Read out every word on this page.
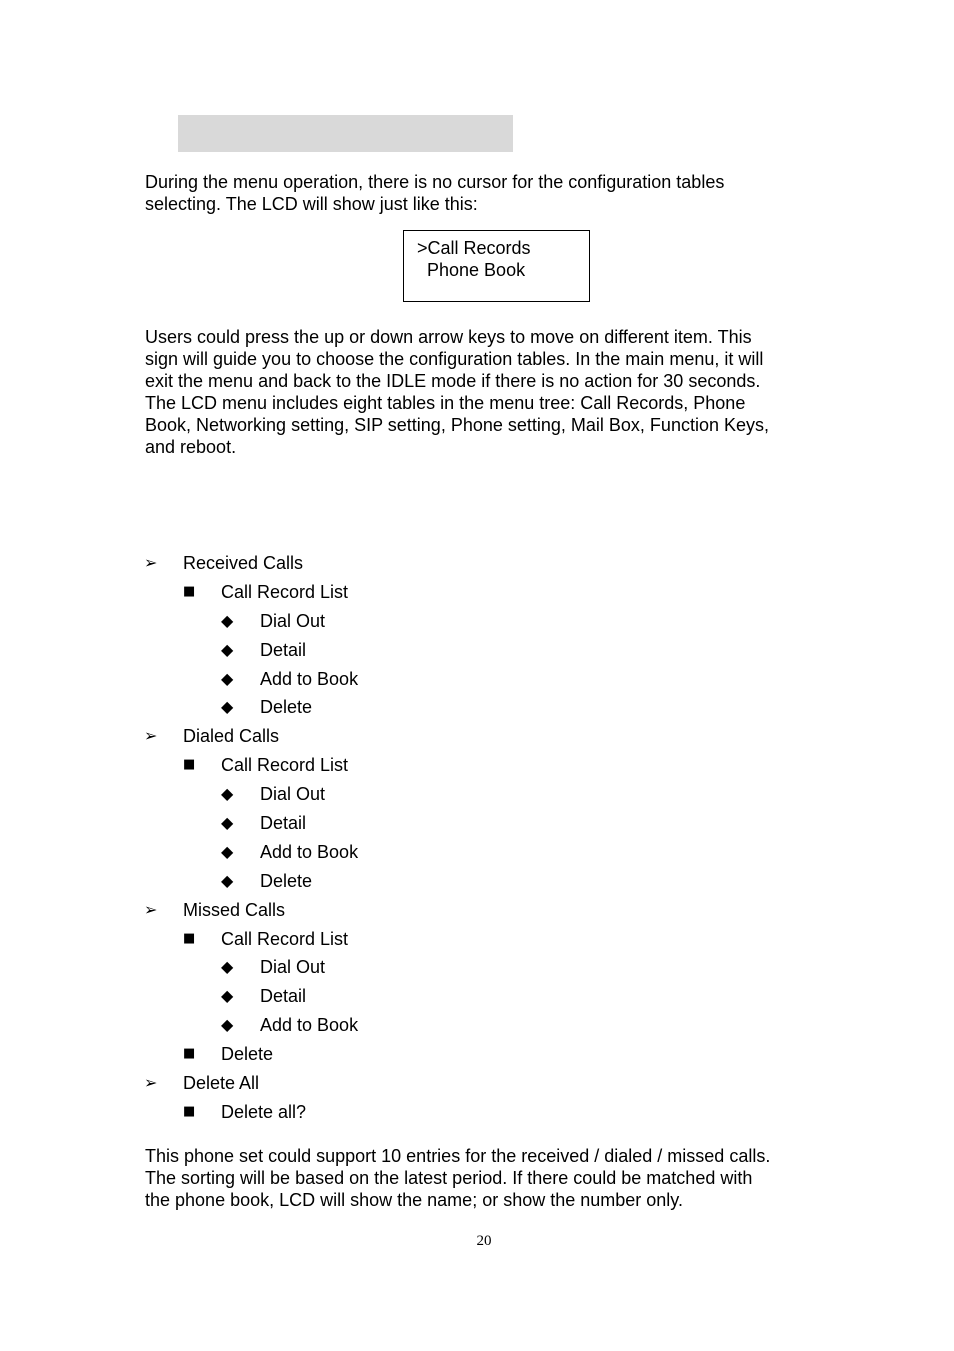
During the menu operation, there is no cursor for the configuration tables
selecting. The LCD will show just like this:

>Call Records
Phone Book

Users could press the up or down arrow keys to move on different item. This
sign will guide you to choose the configuration tables. In the main menu, it will
exit the menu and back to the IDLE mode if there is no action for 30 seconds.
The LCD menu includes eight tables in the menu tree: Call Records, Phone
Book, Networking setting, SIP setting, Phone setting, Mail Box, Function Keys,
and reboot.

➢	Received Calls
■	Call Record List
◆	Dial Out
◆	Detail
◆	Add to Book
◆	Delete
➢	Dialed Calls
■	Call Record List
◆	Dial Out
◆	Detail
◆	Add to Book
◆	Delete
➢	Missed Calls
■	Call Record List
◆	Dial Out
◆	Detail
◆	Add to Book
■	Delete
➢	Delete All
■	Delete all?

This phone set could support 10 entries for the received / dialed / missed calls.
The sorting will be based on the latest period. If there could be matched with
the phone book, LCD will show the name; or show the number only.

20
